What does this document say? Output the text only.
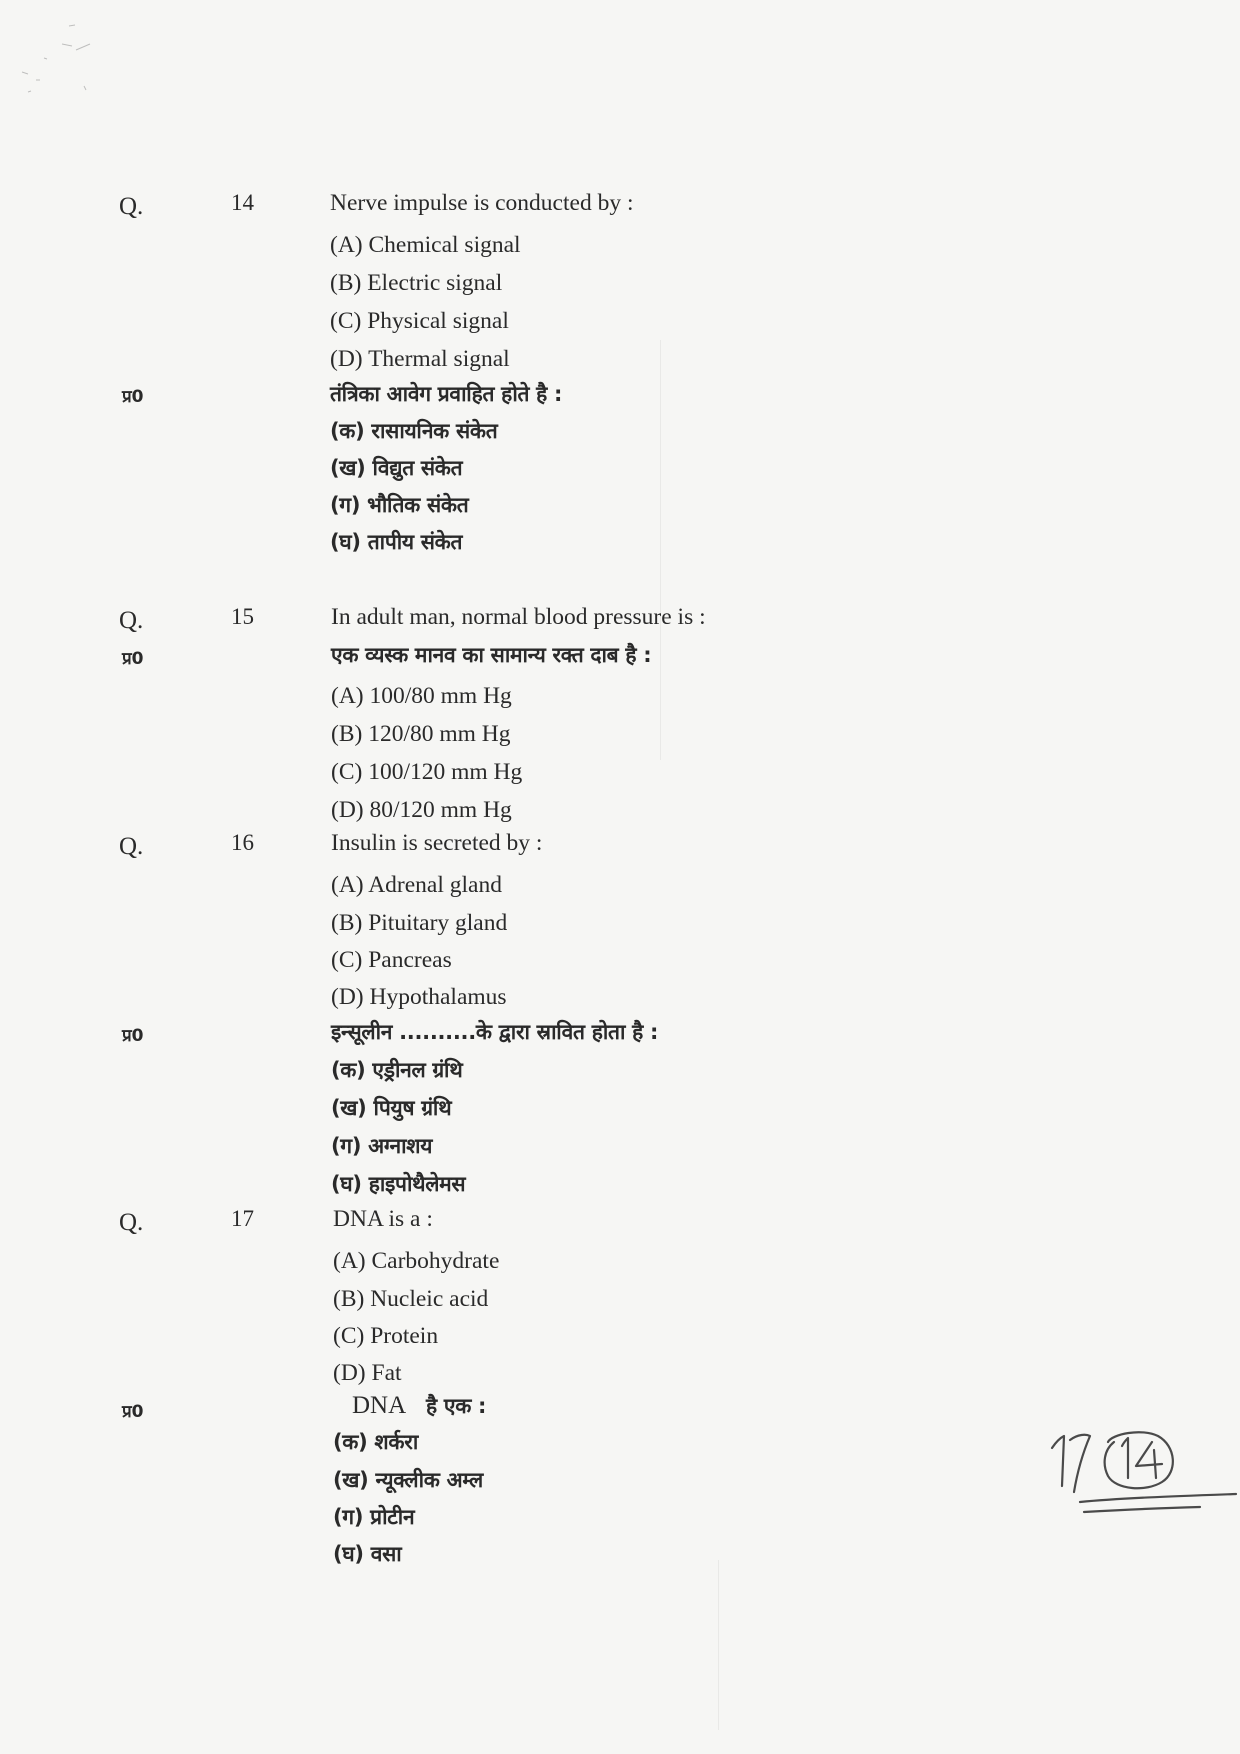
Q.	14	Nerve impulse is conducted by :
(A) Chemical signal
(B) Electric signal
(C) Physical signal
(D) Thermal signal
प्र0	तंत्रिका आवेग प्रवाहित होते है :
(क) रासायनिक संकेत
(ख) विद्युत संकेत
(ग) भौतिक संकेत
(घ) तापीय संकेत
Q.	15	In adult man, normal blood pressure is :
प्र0	एक व्यस्क मानव का सामान्य रक्त दाब है :
(A) 100/80 mm Hg
(B) 120/80 mm Hg
(C) 100/120 mm Hg
(D) 80/120 mm Hg
Q.	16	Insulin is secreted by :
(A) Adrenal gland
(B) Pituitary gland
(C) Pancreas
(D) Hypothalamus
प्र0	इन्सूलीन ..........के द्वारा स्रावित होता है :
(क) एड्रीनल ग्रंथि
(ख) पियुष ग्रंथि
(ग) अग्नाशय
(घ) हाइपोथैलेमस
Q.	17	DNA is a :
(A) Carbohydrate
(B) Nucleic acid
(C) Protein
(D) Fat
प्र0	DNA है एक :
(क) शर्करा
(ख) न्यूक्लीक अम्ल
(ग) प्रोटीन
(घ) वसा
